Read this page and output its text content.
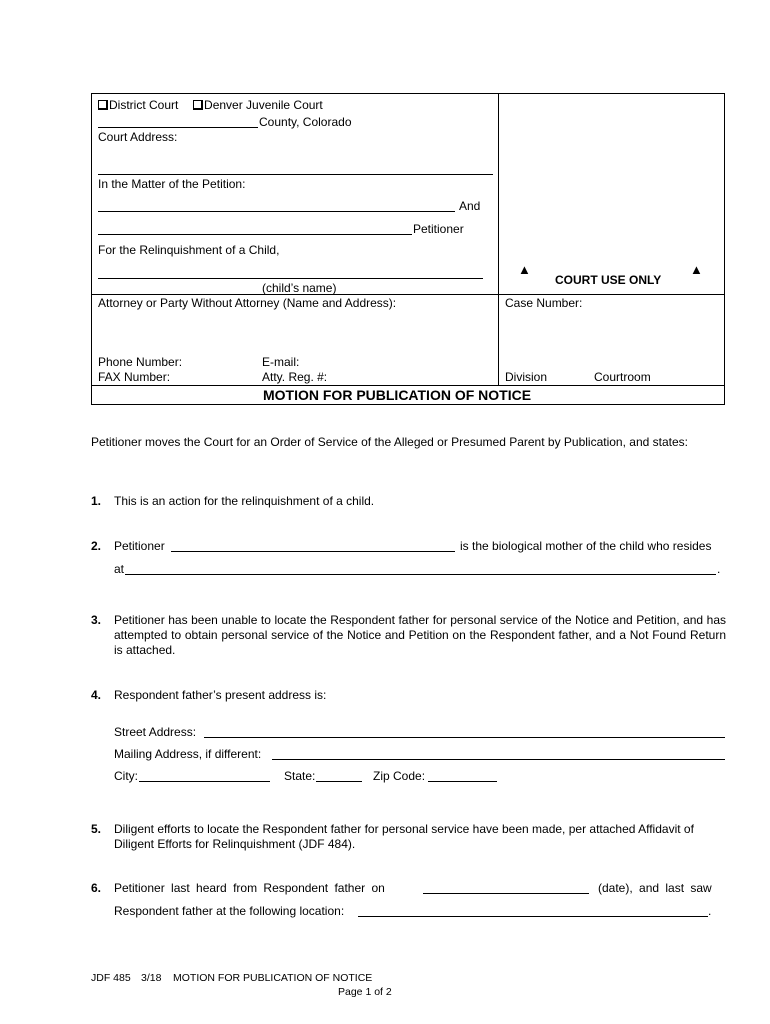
District Court Denver Juvenile Court
County, Colorado
Court Address:
In the Matter of the Petition:
And
Petitioner
For the Relinquishment of a Child,
(child’s name)
▲
COURT USE ONLY
▲
Attorney or Party Without Attorney (Name and Address):	Case Number:
Phone Number:	E-mail:
FAX Number:	Atty. Reg. #:	Division	Courtroom
MOTION FOR PUBLICATION OF NOTICE
Petitioner moves the Court for an Order of Service of the Alleged or Presumed Parent by Publication, and states:
1. This is an action for the relinquishment of a child.
2. Petitioner	is the biological mother of the child who resides
at	.
3. Petitioner has been unable to locate the Respondent father for personal service of the Notice and Petition, and has attempted to obtain personal service of the Notice and Petition on the Respondent father, and a Not Found Return is attached.
4. Respondent father’s present address is:
Street Address:
Mailing Address, if different:
City:	State:	Zip Code:
5. Diligent efforts to locate the Respondent father for personal service have been made, per attached Affidavit of Diligent Efforts for Relinquishment (JDF 484).
6. Petitioner last heard from Respondent father on	(date), and last saw
Respondent father at the following location:	.
JDF 485 3/18 MOTION FOR PUBLICATION OF NOTICE
Page 1 of 2
